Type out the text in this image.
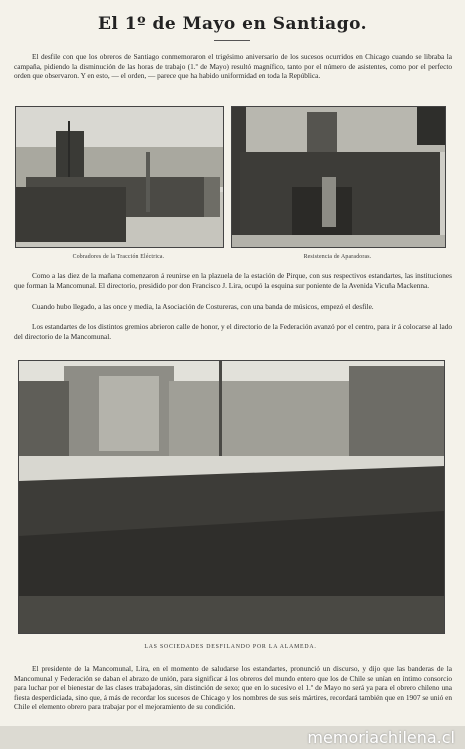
El 1º de Mayo en Santiago.

El desfile con que los obreros de Santiago conmemoraron el trigésimo aniversario de los sucesos ocurridos en Chicago cuando se libraba la campaña, pidiendo la disminución de las horas de trabajo (1.º de Mayo) resultó magnífico, tanto por el número de asistentes, como por el perfecto orden que observaron. Y en esto, — el orden, — parece que ha habido uniformidad en toda la República.

Cobradores de la Tracción Eléctrica.	Resistencia de Aparadoras.

Como a las diez de la mañana comenzaron á reunirse en la plazuela de la estación de Pirque, con sus respectivos estandartes, las instituciones que forman la Mancomunal. El directorio, presidido por don Francisco J. Lira, ocupó la esquina sur poniente de la Avenida Vicuña Mackenna.

Cuando hubo llegado, a las once y media, la Asociación de Costureras, con una banda de músicos, empezó el desfile.

Los estandartes de los distintos gremios abrieron calle de honor, y el directorio de la Federación avanzó por el centro, para ir á colocarse al lado del directorio de la Mancomunal.

LAS SOCIEDADES DESFILANDO POR LA ALAMEDA.

El presidente de la Mancomunal, Lira, en el momento de saludarse los estandartes, pronunció un discurso, y dijo que las banderas de la Mancomunal y Federación se daban el abrazo de unión, para significar á los obreros del mundo entero que los de Chile se unían en íntimo consorcio para luchar por el bienestar de las clases trabajadoras, sin distinción de sexo; que en lo sucesivo el 1.º de Mayo no será ya para el obrero chileno una fiesta desperdiciada, sino que, á más de recordar los sucesos de Chicago y los nombres de sus seis mártires, recordará también que en 1907 se unió en Chile el elemento obrero para trabajar por el mejoramiento de su condición.

memoriachilena.cl
